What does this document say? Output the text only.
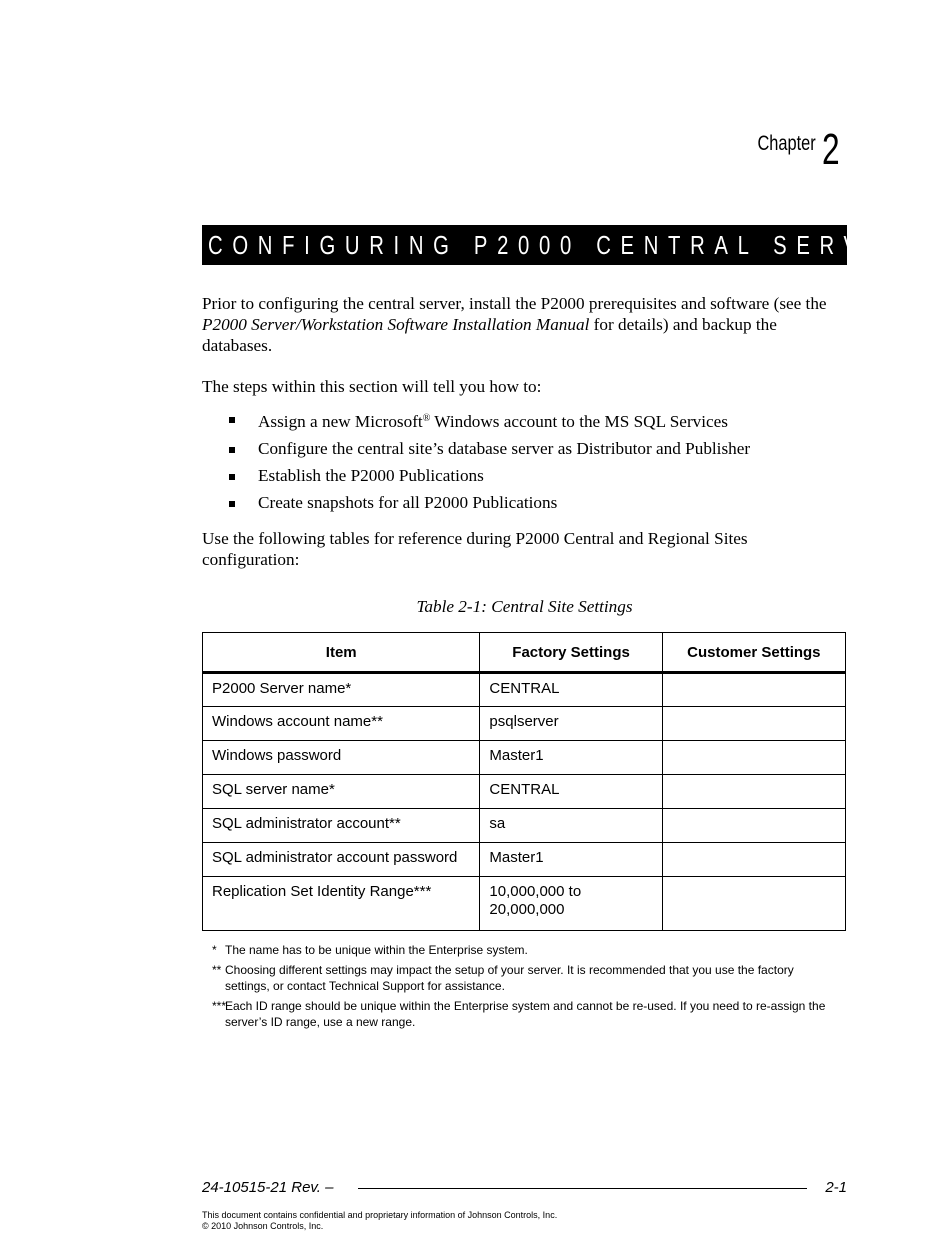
Chapter 2
CONFIGURING P2000 CENTRAL SERVER

Prior to configuring the central server, install the P2000 prerequisites and software (see the P2000 Server/Workstation Software Installation Manual for details) and backup the databases.

The steps within this section will tell you how to:

Assign a new Microsoft® Windows account to the MS SQL Services
Configure the central site’s database server as Distributor and Publisher
Establish the P2000 Publications
Create snapshots for all P2000 Publications

Use the following tables for reference during P2000 Central and Regional Sites configuration:

Table 2-1: Central Site Settings
Item	Factory Settings	Customer Settings
P2000 Server name*	CENTRAL	
Windows account name**	psqlserver	
Windows password	Master1	
SQL server name*	CENTRAL	
SQL administrator account**	sa	
SQL administrator account password	Master1	
Replication Set Identity Range***	10,000,000 to 20,000,000	
* The name has to be unique within the Enterprise system.
** Choosing different settings may impact the setup of your server. It is recommended that you use the factory settings, or contact Technical Support for assistance.
***
Each ID range should be unique within the Enterprise system and cannot be re-used. If you need to re-assign the server’s ID range, use a new range.
24-10515-21 Rev. –	2-1
This document contains confidential and proprietary information of Johnson Controls, Inc.
© 2010 Johnson Controls, Inc.
